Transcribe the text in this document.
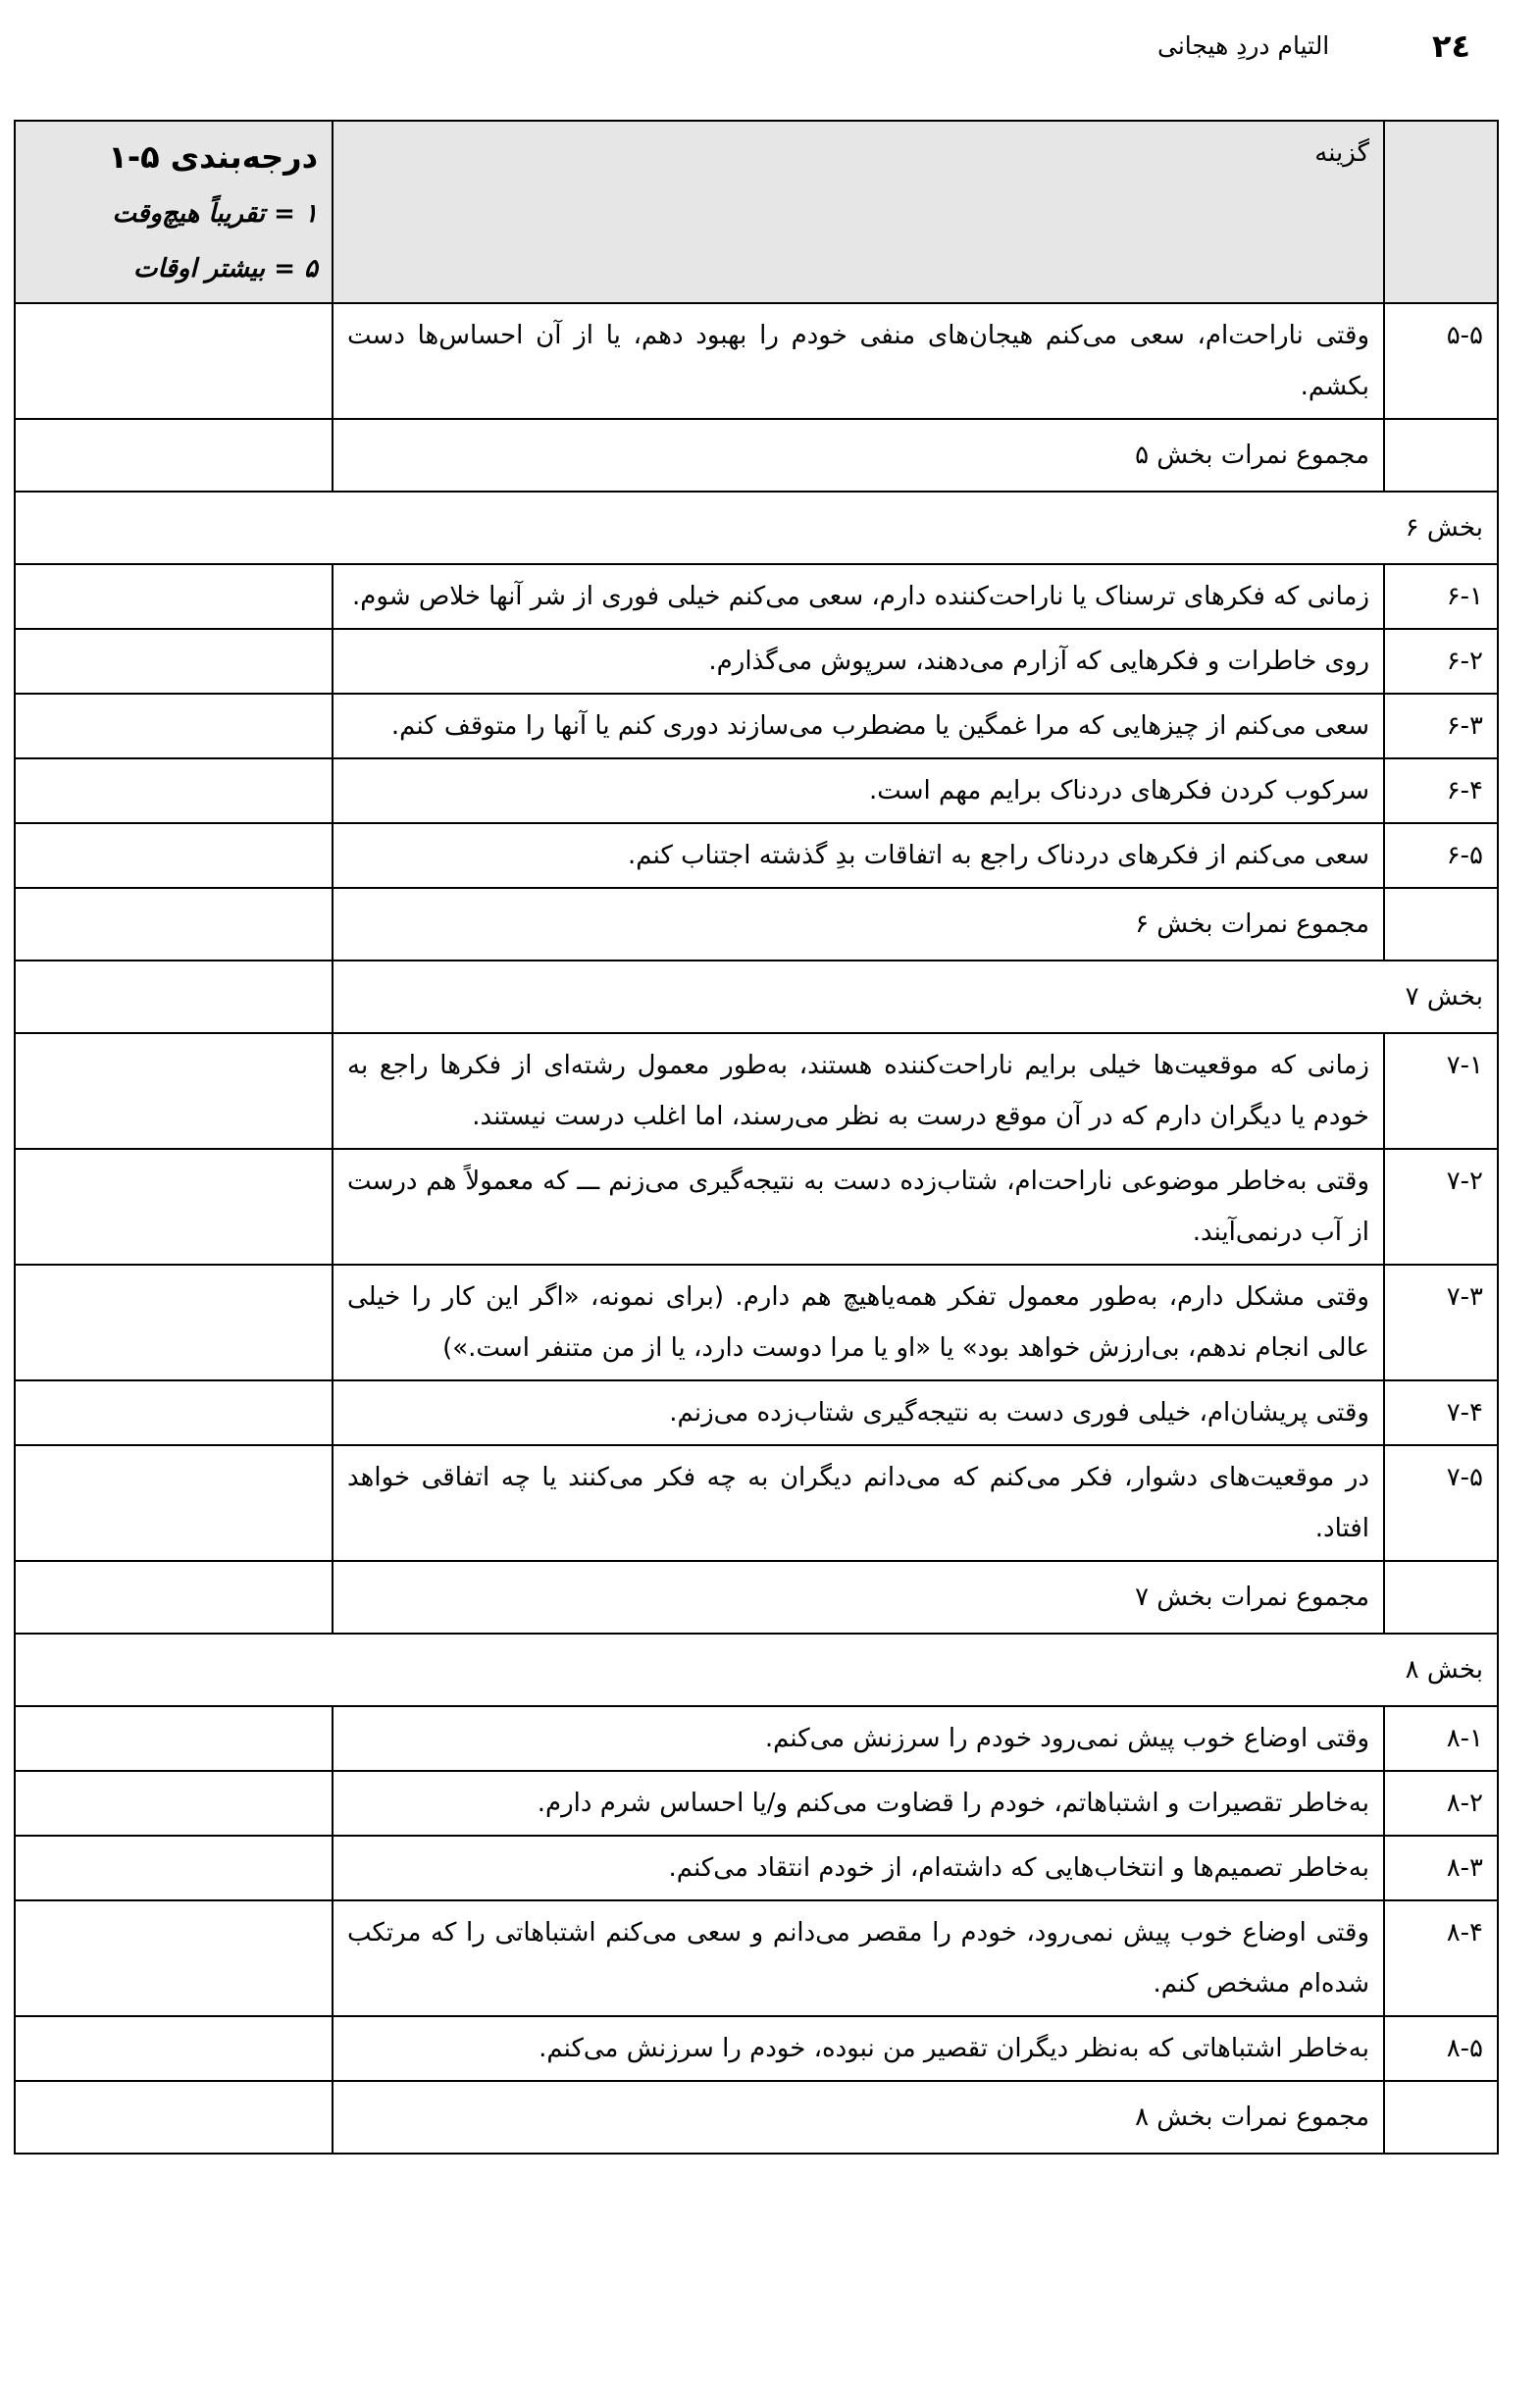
٢٤
التیام دردِ هیجانی
	گزینه	درجه‌بندی ۵-۱
۱ = تقریباً هیچ‌وقت
۵ = بیشتر اوقات

۵-۵	وقتی ناراحت‌ام، سعی می‌کنم هیجان‌های منفی خودم را بهبود دهم، یا از آن احساس‌ها دست بکشم.	
	مجموع نمرات بخش ۵	
بخش ۶		
۶-۱	زمانی که فکرهای ترسناک یا ناراحت‌کننده دارم، سعی می‌کنم خیلی فوری از شر آنها خلاص شوم.	
۶-۲	روی خاطرات و فکرهایی که آزارم می‌دهند، سرپوش می‌گذارم.	
۶-۳	سعی می‌کنم از چیزهایی که مرا غمگین یا مضطرب می‌سازند دوری کنم یا آنها را متوقف کنم.	
۶-۴	سرکوب کردن فکرهای دردناک برایم مهم است.	
۶-۵	سعی می‌کنم از فکرهای دردناک راجع به اتفاقات بدِ گذشته اجتناب کنم.	
	مجموع نمرات بخش ۶	
بخش ۷		
۷-۱	زمانی که موقعیت‌ها خیلی برایم ناراحت‌کننده هستند، به‌طور معمول رشته‌ای از فکرها راجع به خودم یا دیگران دارم که در آن موقع درست به نظر می‌رسند، اما اغلب درست نیستند.	
۷-۲	وقتی به‌خاطر موضوعی ناراحت‌ام، شتاب‌زده دست به نتیجه‌گیری می‌زنم ـــ که معمولاً هم درست از آب درنمی‌آیند.	
۷-۳	وقتی مشکل دارم، به‌طور معمول تفکر همه‌یاهیچ هم دارم. (برای نمونه، «اگر این کار را خیلی عالی انجام ندهم، بی‌ارزش خواهد بود» یا «او یا مرا دوست دارد، یا از من متنفر است.»)	
۷-۴	وقتی پریشان‌ام، خیلی فوری دست به نتیجه‌گیری شتاب‌زده می‌زنم.	
۷-۵	در موقعیت‌های دشوار، فکر می‌کنم که می‌دانم دیگران به چه فکر می‌کنند یا چه اتفاقی خواهد افتاد.	
	مجموع نمرات بخش ۷	
بخش ۸		
۸-۱	وقتی اوضاع خوب پیش نمی‌رود خودم را سرزنش می‌کنم.	
۸-۲	به‌خاطر تقصیرات و اشتباهاتم، خودم را قضاوت می‌کنم و/یا احساس شرم دارم.	
۸-۳	به‌خاطر تصمیم‌ها و انتخاب‌هایی که داشته‌ام، از خودم انتقاد می‌کنم.	
۸-۴	وقتی اوضاع خوب پیش نمی‌رود، خودم را مقصر می‌دانم و سعی می‌کنم اشتباهاتی را که مرتکب شده‌ام مشخص کنم.	
۸-۵	به‌خاطر اشتباهاتی که به‌نظر دیگران تقصیر من نبوده، خودم را سرزنش می‌کنم.	
	مجموع نمرات بخش ۸	
